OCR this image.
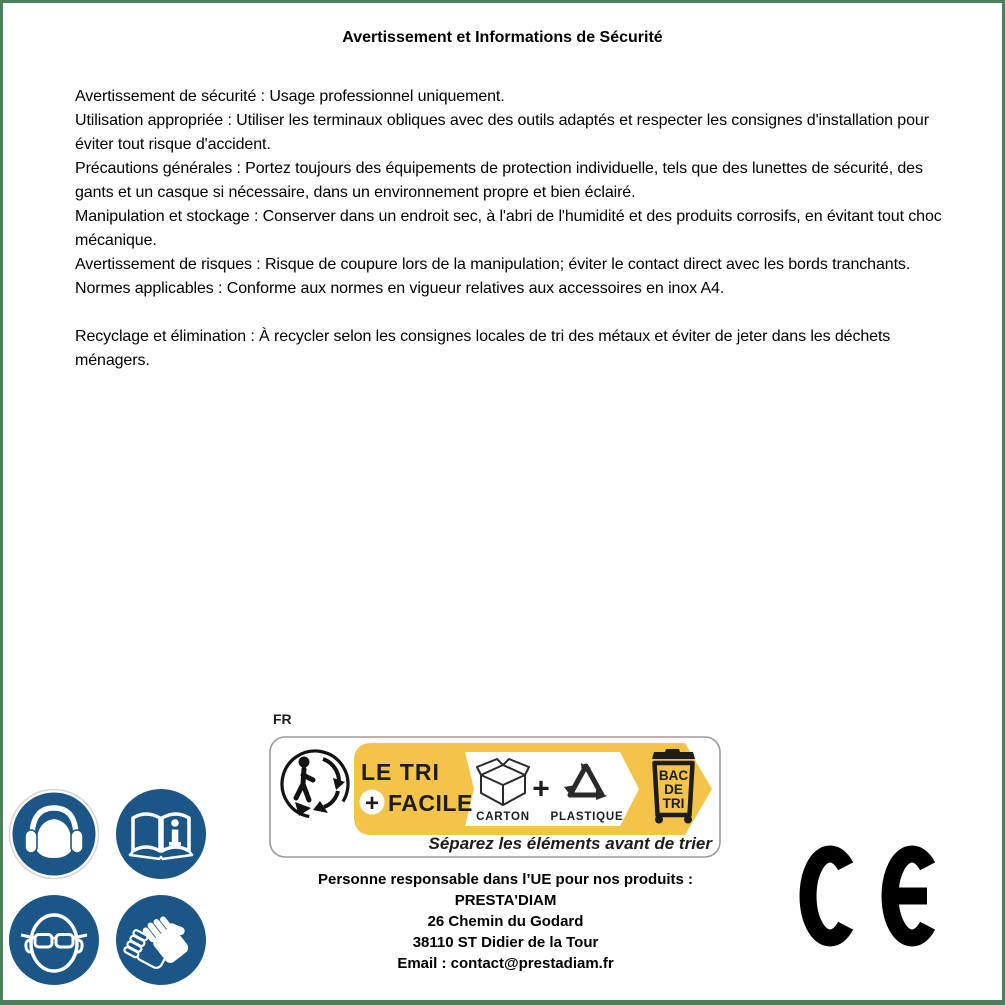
Avertissement et Informations de Sécurité

Avertissement de sécurité : Usage professionnel uniquement.

Utilisation appropriée : Utiliser les terminaux obliques avec des outils adaptés et respecter les consignes d'installation pour éviter tout risque d'accident.

Précautions générales : Portez toujours des équipements de protection individuelle, tels que des lunettes de sécurité, des gants et un casque si nécessaire, dans un environnement propre et bien éclairé.

Manipulation et stockage : Conserver dans un endroit sec, à l'abri de l'humidité et des produits corrosifs, en évitant tout choc mécanique.

Avertissement de risques : Risque de coupure lors de la manipulation; éviter le contact direct avec les bords tranchants.

Normes applicables : Conforme aux normes en vigueur relatives aux accessoires en inox A4.

Recyclage et élimination : À recycler selon les consignes locales de tri des métaux et éviter de jeter dans les déchets ménagers.

FR
LE TRI
+ FACILE
CARTON
+
PLASTIQUE
BAC
DE
TRI
Séparez les éléments avant de trier
Personne responsable dans l’UE pour nos produits :
PRESTA'DIAM
26 Chemin du Godard
38110 ST Didier de la Tour
Email : contact@prestadiam.fr
